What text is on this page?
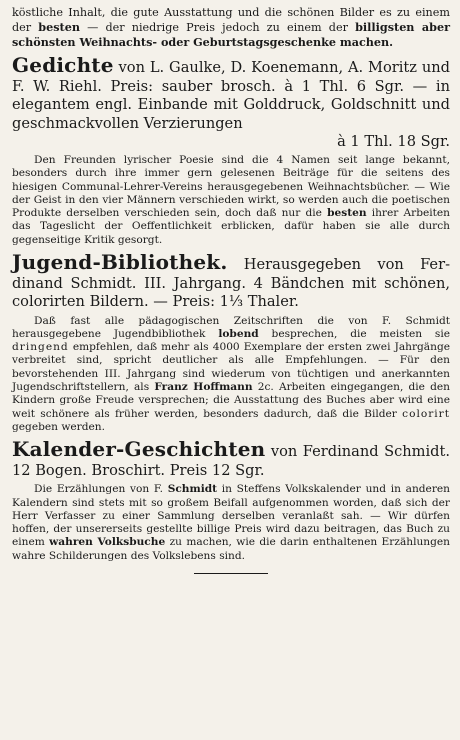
köstliche Inhalt, die gute Ausstattung und die schönen Bilder es zu einem der besten — der niedrige Preis jedoch zu einem der billigsten aber schönsten Weihnachts- oder Geburtstagsgeschenke machen.

Gedichte von L. Gaulke, D. Koenemann, A. Moritz und F. W. Riehl. Preis: sauber brosch. à 1 Thl. 6 Sgr. — in elegantem engl. Einbande mit Golddruck, Goldschnitt und geschmackvollen Verzierungen

à 1 Thl. 18 Sgr.

Den Freunden lyrischer Poesie sind die 4 Namen seit lange bekannt, besonders durch ihre immer gern gelesenen Beiträge für die seitens des hiesigen Communal-Lehrer-Vereins herausgegebenen Weihnachtsbücher. — Wie der Geist in den vier Männern verschieden wirkt, so werden auch die poetischen Produkte derselben verschieden sein, doch daß nur die besten ihrer Arbeiten das Tageslicht der Oeffentlichkeit erblicken, dafür haben sie alle durch gegenseitige Kritik gesorgt.

Jugend-Bibliothek. Herausgegeben von Ferdinand Schmidt. III. Jahrgang. 4 Bändchen mit schönen, colorirten Bildern. — Preis: 1⅓ Thaler.

Daß fast alle pädagogischen Zeitschriften die von F. Schmidt herausgegebene Jugendbibliothek lobend besprechen, die meisten sie dringend empfehlen, daß mehr als 4000 Exemplare der ersten zwei Jahrgänge verbreitet sind, spricht deutlicher als alle Empfehlungen. — Für den bevorstehenden III. Jahrgang sind wiederum von tüchtigen und anerkannten Jugendschriftstellern, als Franz Hoffmann 2c. Arbeiten eingegangen, die den Kindern große Freude versprechen; die Ausstattung des Buches aber wird eine weit schönere als früher werden, besonders dadurch, daß die Bilder colorirt gegeben werden.

Kalender-Geschichten von Ferdinand Schmidt. 12 Bogen. Broschirt. Preis 12 Sgr.

Die Erzählungen von F. Schmidt in Steffens Volkskalender und in anderen Kalendern sind stets mit so großem Beifall aufgenommen worden, daß sich der Herr Verfasser zu einer Sammlung derselben veranlaßt sah. — Wir dürfen hoffen, der unsererseits gestellte billige Preis wird dazu beitragen, das Buch zu einem wahren Volksbuche zu machen, wie die darin enthaltenen Erzählungen wahre Schilderungen des Volkslebens sind.
